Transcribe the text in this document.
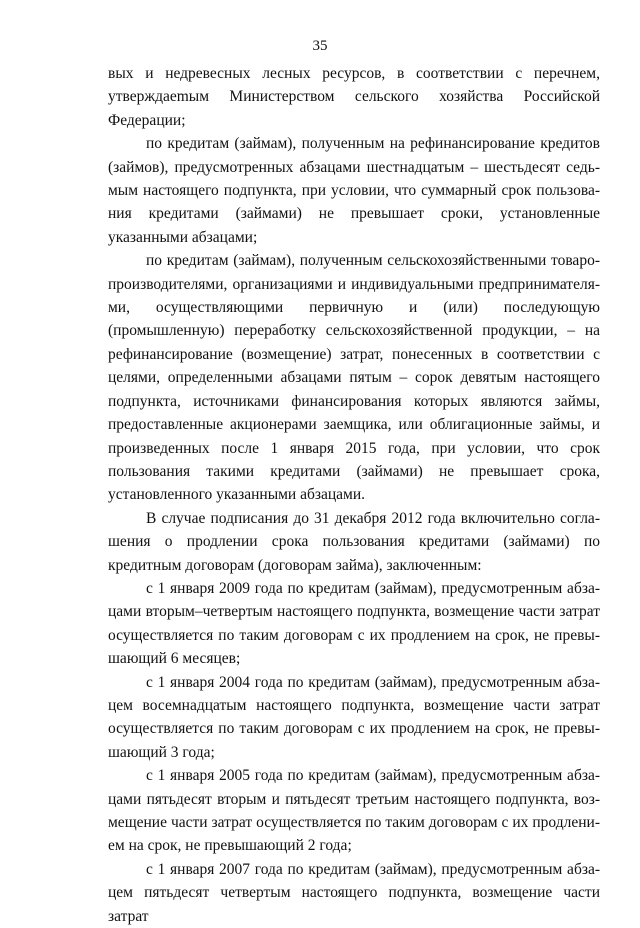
35

вых и недревесных лесных ресурсов, в соответствии с перечнем, утверждаemым Министерством сельского хозяйства Российской Федерации;

по кредитам (займам), полученным на рефинансирование кредитов (займов), предусмотренных абзацами шестнадцатым – шестьдесят седьмым настоящего подпункта, при условии, что суммарный срок пользования кредитами (займами) не превышает сроки, установленные указанными абзацами;

по кредитам (займам), полученным сельскохозяйственными товаропроизводителями, организациями и индивидуальными предпринимателями, осуществляющими первичную и (или) последующую (промышленную) переработку сельскохозяйственной продукции, – на рефинансирование (возмещение) затрат, понесенных в соответствии с целями, определенными абзацами пятым – сорок девятым настоящего подпункта, источниками финансирования которых являются займы, предоставленные акционерами заемщика, или облигационные займы, и произведенных после 1 января 2015 года, при условии, что срок пользования такими кредитами (займами) не превышает срока, установленного указанными абзацами.

В случае подписания до 31 декабря 2012 года включительно соглашения о продлении срока пользования кредитами (займами) по кредитным договорам (договорам займа), заключенным:

с 1 января 2009 года по кредитам (займам), предусмотренным абзацами вторым–четвертым настоящего подпункта, возмещение части затрат осуществляется по таким договорам с их продлением на срок, не превышающий 6 месяцев;

с 1 января 2004 года по кредитам (займам), предусмотренным абзацем восемнадцатым настоящего подпункта, возмещение части затрат осуществляется по таким договорам с их продлением на срок, не превышающий 3 года;

с 1 января 2005 года по кредитам (займам), предусмотренным абзацами пятьдесят вторым и пятьдесят третьим настоящего подпункта, возмещение части затрат осуществляется по таким договорам с их продлением на срок, не превышающий 2 года;

с 1 января 2007 года по кредитам (займам), предусмотренным абзацем пятьдесят четвертым настоящего подпункта, возмещение части затрат
